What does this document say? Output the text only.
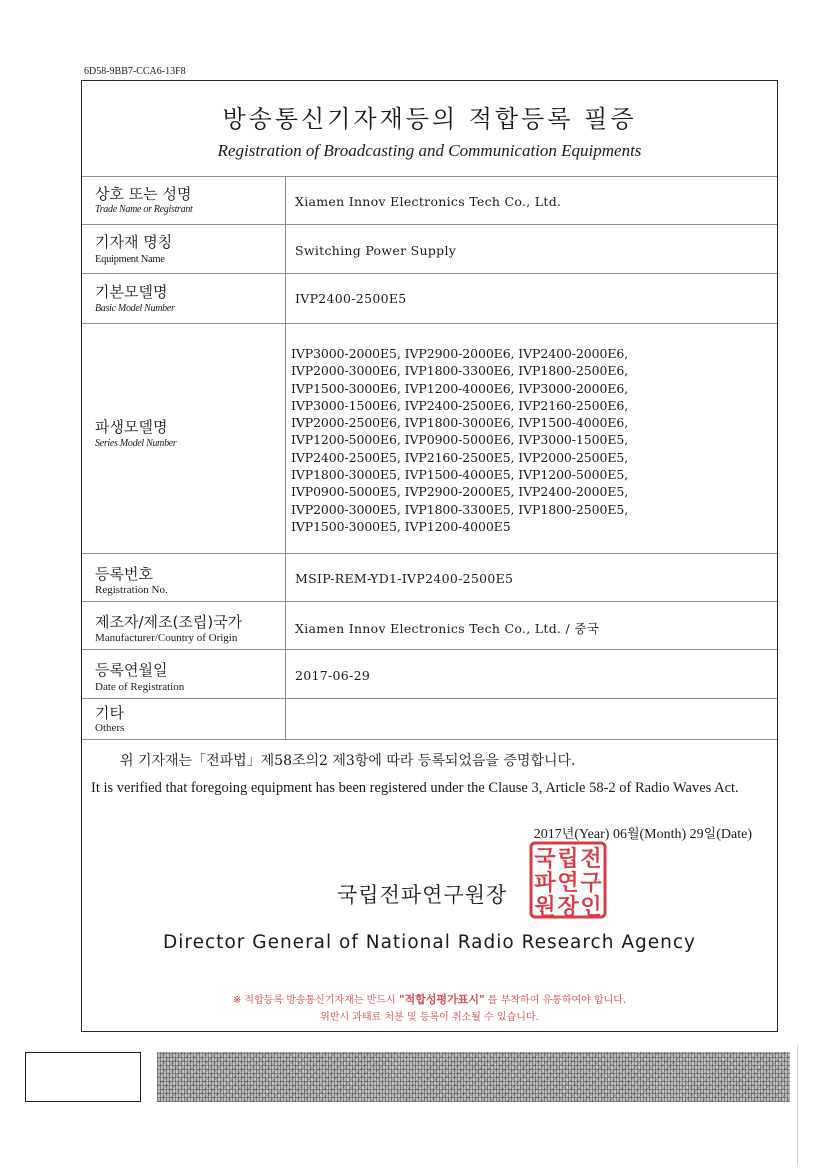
6D58-9BB7-CCA6-13F8
방송통신기자재등의 적합등록 필증
Registration of Broadcasting and Communication Equipments
상호 또는 성명
Trade Name or Registrant
Xiamen Innov Electronics Tech Co., Ltd.
기자재 명칭
Equipment Name
Switching Power Supply
기본모델명
Basic Model Number
IVP2400-2500E5
파생모델명
Series Model Number
IVP3000-2000E5, IVP2900-2000E6, IVP2400-2000E6,
IVP2000-3000E6, IVP1800-3300E6, IVP1800-2500E6,
IVP1500-3000E6, IVP1200-4000E6, IVP3000-2000E6,
IVP3000-1500E6, IVP2400-2500E6, IVP2160-2500E6,
IVP2000-2500E6, IVP1800-3000E6, IVP1500-4000E6,
IVP1200-5000E6, IVP0900-5000E6, IVP3000-1500E5,
IVP2400-2500E5, IVP2160-2500E5, IVP2000-2500E5,
IVP1800-3000E5, IVP1500-4000E5, IVP1200-5000E5,
IVP0900-5000E5, IVP2900-2000E5, IVP2400-2000E5,
IVP2000-3000E5, IVP1800-3300E5, IVP1800-2500E5,
IVP1500-3000E5, IVP1200-4000E5
등록번호
Registration No.
MSIP-REM-YD1-IVP2400-2500E5
제조자/제조(조립)국가
Manufacturer/Country of Origin
Xiamen Innov Electronics Tech Co., Ltd. / 중국
등록연월일
Date of Registration
2017-06-29
기타
Others
위 기자재는「전파법」제58조의2 제3항에 따라 등록되었음을 증명합니다.
It is verified that foregoing equipment has been registered under the Clause 3, Article 58-2 of Radio Waves Act.
2017년(Year) 06월(Month) 29일(Date)
국립전파연구원장
국 립 전
파 연 구
원 장 인
Director General of National Radio Research Agency
※ 적합등록 방송통신기자재는 반드시 "적합성평가표시" 를 부착하여 유통하여야 합니다.
위반시 과태료 처분 및 등록이 취소될 수 있습니다.
